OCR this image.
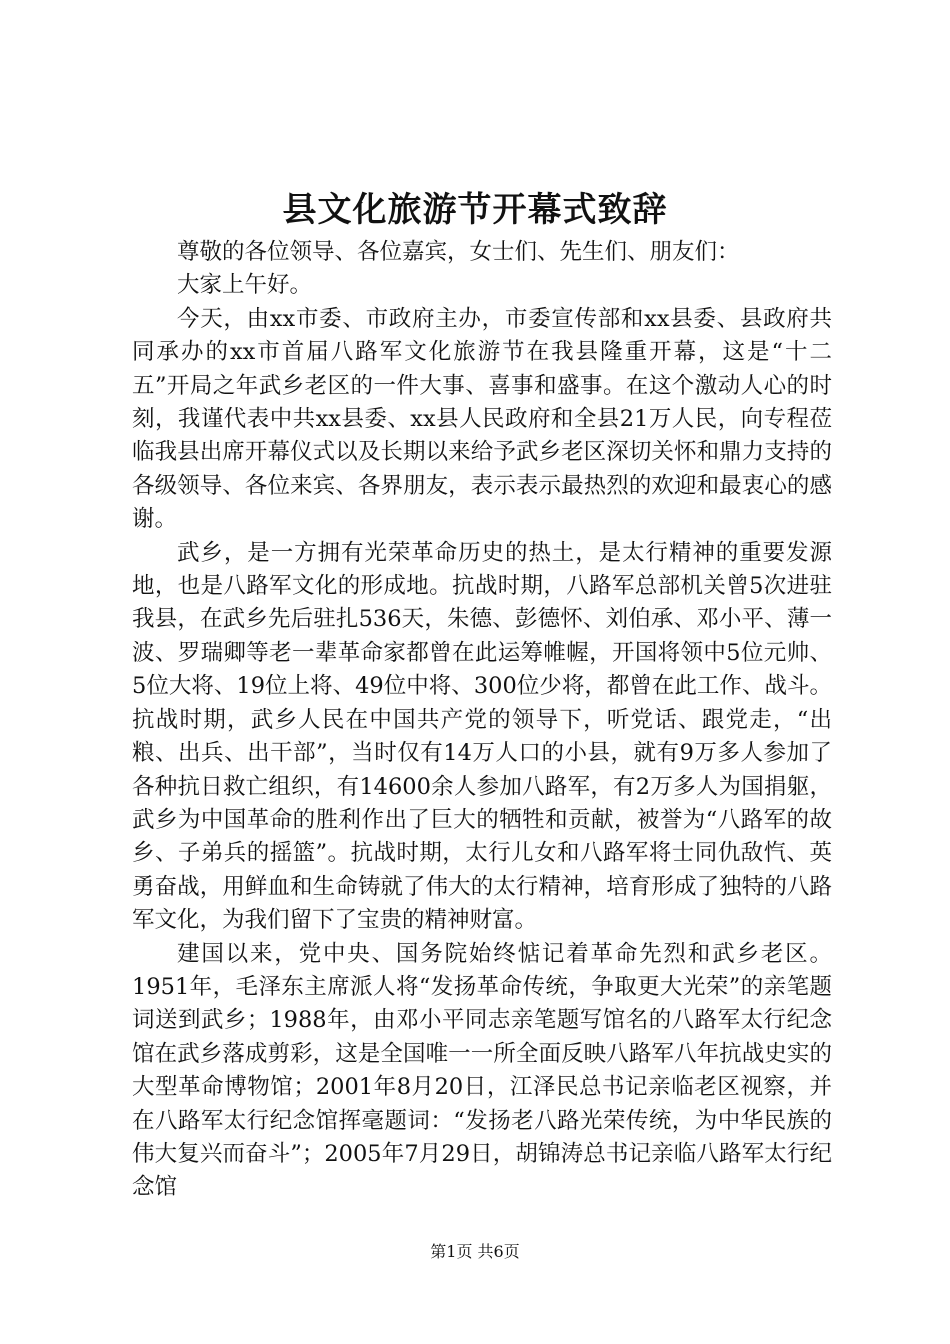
县文化旅游节开幕式致辞

尊敬的各位领导、各位嘉宾，女士们、先生们、朋友们：

大家上午好。

今天，由xx市委、市政府主办，市委宣传部和xx县委、县政府共同承办的xx市首届八路军文化旅游节在我县隆重开幕，这是“十二五”开局之年武乡老区的一件大事、喜事和盛事。在这个激动人心的时刻，我谨代表中共xx县委、xx县人民政府和全县21万人民，向专程莅临我县出席开幕仪式以及长期以来给予武乡老区深切关怀和鼎力支持的各级领导、各位来宾、各界朋友，表示表示最热烈的欢迎和最衷心的感谢。

武乡，是一方拥有光荣革命历史的热土，是太行精神的重要发源地，也是八路军文化的形成地。抗战时期，八路军总部机关曾5次进驻我县，在武乡先后驻扎536天，朱德、彭德怀、刘伯承、邓小平、薄一波、罗瑞卿等老一辈革命家都曾在此运筹帷幄，开国将领中5位元帅、5位大将、19位上将、49位中将、300位少将，都曾在此工作、战斗。抗战时期，武乡人民在中国共产党的领导下，听党话、跟党走，“出粮、出兵、出干部”，当时仅有14万人口的小县，就有9万多人参加了各种抗日救亡组织，有14600余人参加八路军，有2万多人为国捐躯，武乡为中国革命的胜利作出了巨大的牺牲和贡献，被誉为“八路军的故乡、子弟兵的摇篮”。抗战时期，太行儿女和八路军将士同仇敌忾、英勇奋战，用鲜血和生命铸就了伟大的太行精神，培育形成了独特的八路军文化，为我们留下了宝贵的精神财富。

建国以来，党中央、国务院始终惦记着革命先烈和武乡老区。1951年，毛泽东主席派人将“发扬革命传统，争取更大光荣”的亲笔题词送到武乡；1988年，由邓小平同志亲笔题写馆名的八路军太行纪念馆在武乡落成剪彩，这是全国唯一一所全面反映八路军八年抗战史实的大型革命博物馆；2001年8月20日，江泽民总书记亲临老区视察，并在八路军太行纪念馆挥毫题词：“发扬老八路光荣传统，为中华民族的伟大复兴而奋斗”；2005年7月29日，胡锦涛总书记亲临八路军太行纪念馆

第1页 共6页
